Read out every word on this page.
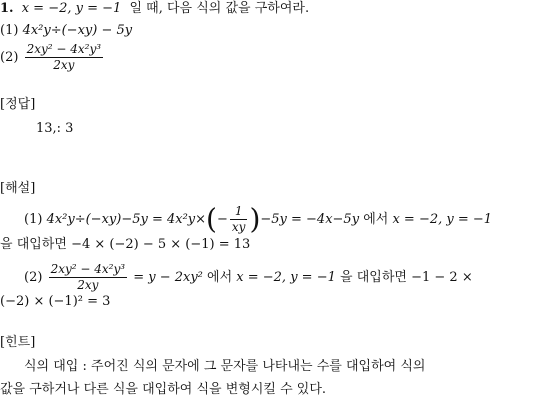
1. x = −2, y = −1 일 때, 다음 식의 값을 구하여라.
(1) 4x²y÷(−xy) − 5y
$(2) \frac{\text{2xy² − 4x²y³}}{2xy}$
[정답]
13,: 3
[해설]
(1) $4x^2y\div(-xy)-5y = 4x^2y\times(- \frac{1}{xy} )-5y = -4x-5y$ 에서 x = −2, y = −1
을 대입하면 −4 × (−2) − 5 × (−1) = 13
$(2) \frac{\text{2xy² − 4x²y³}}{2xy} = y - 2xy^2$ 에서 x = −2, y = −1 을 대입하면 −1 − 2 ×
(−2) × (−1)² = 3
[힌트]
식의 대입 : 주어진 식의 문자에 그 문자를 나타내는 수를 대입하여 식의
값을 구하거나 다른 식을 대입하여 식을 변형시킬 수 있다.
